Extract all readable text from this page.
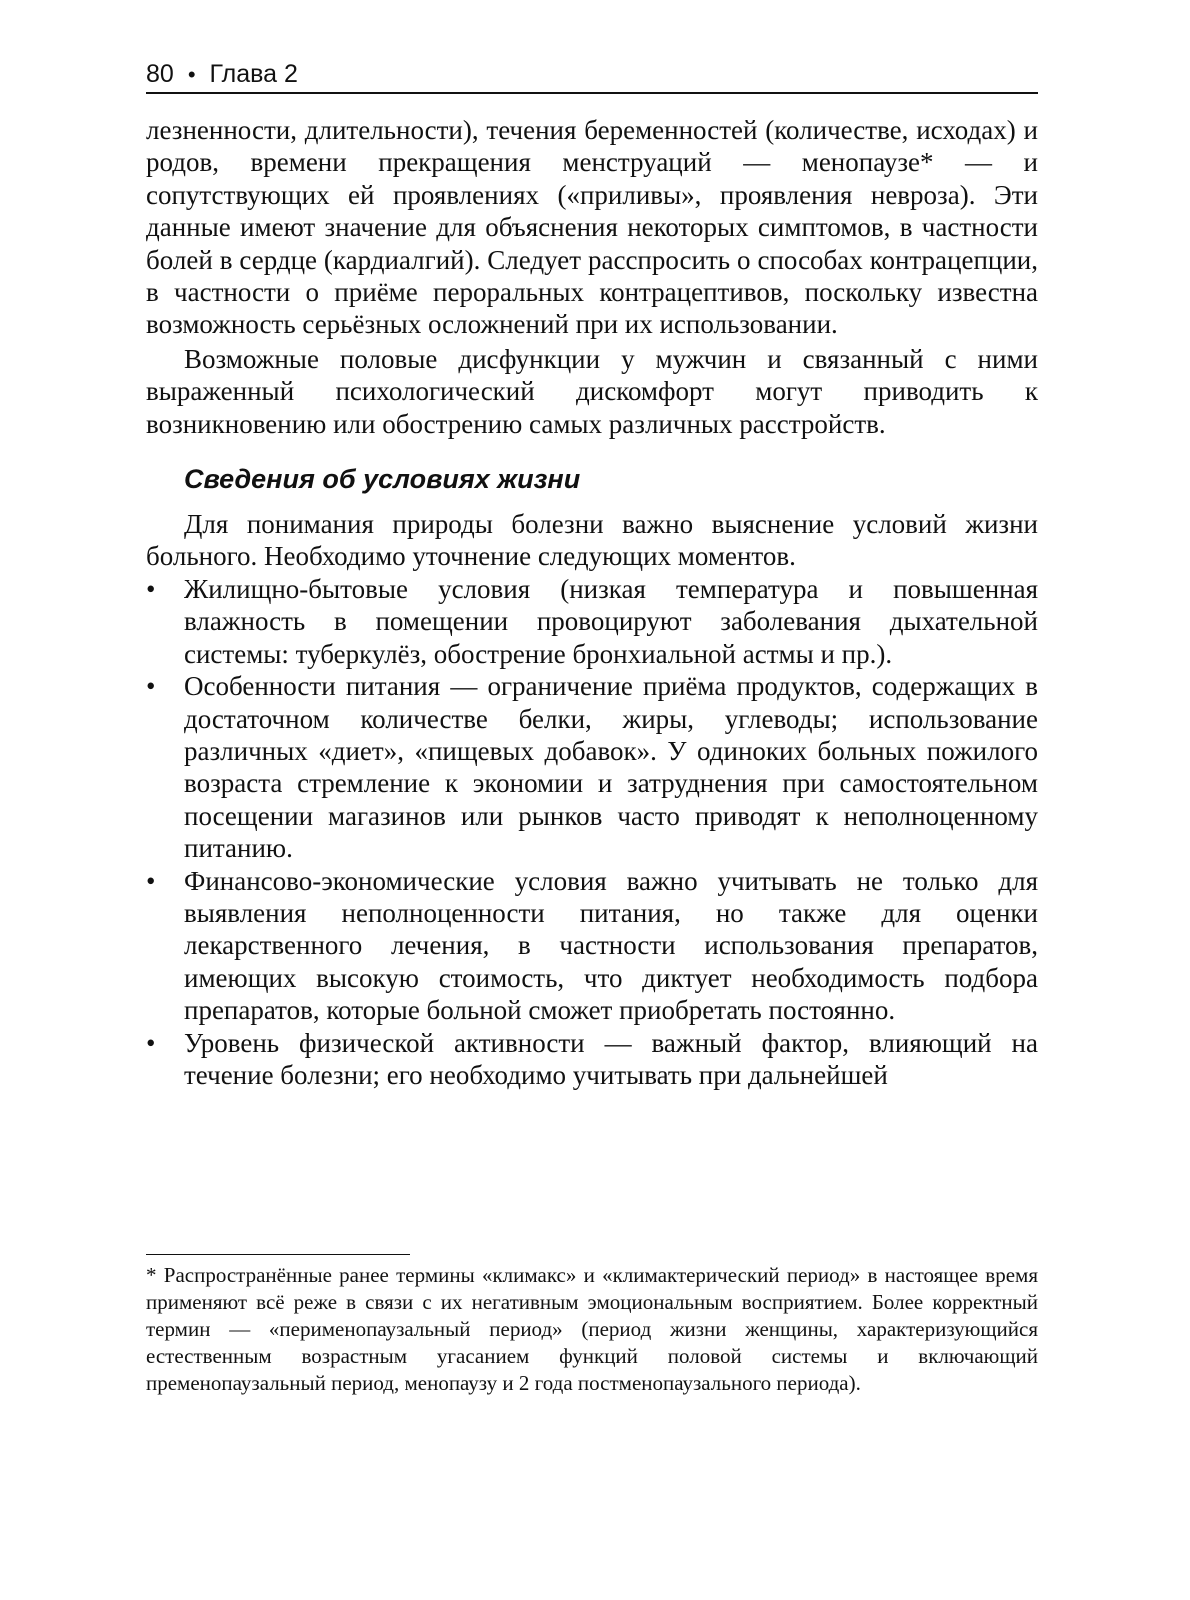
80 • Глава 2

лезненности, длительности), течения беременностей (количестве, исходах) и родов, времени прекращения менструаций — менопаузе* — и сопутствующих ей проявлениях («приливы», проявления невроза). Эти данные имеют значение для объяснения некоторых симптомов, в частности болей в сердце (кардиалгий). Следует расспросить о способах контрацепции, в частности о приёме пероральных контрацептивов, поскольку известна возможность серьёзных осложнений при их использовании.

Возможные половые дисфункции у мужчин и связанный с ними выраженный психологический дискомфорт могут приводить к возникновению или обострению самых различных расстройств.

Сведения об условиях жизни

Для понимания природы болезни важно выяснение условий жизни больного. Необходимо уточнение следующих моментов.

•	Жилищно-бытовые условия (низкая температура и повышенная влажность в помещении провоцируют заболевания дыхательной системы: туберкулёз, обострение бронхиальной астмы и пр.).
•	Особенности питания — ограничение приёма продуктов, содержащих в достаточном количестве белки, жиры, углеводы; использование различных «диет», «пищевых добавок». У одиноких больных пожилого возраста стремление к экономии и затруднения при самостоятельном посещении магазинов или рынков часто приводят к неполноценному питанию.
•	Финансово-экономические условия важно учитывать не только для выявления неполноценности питания, но также для оценки лекарственного лечения, в частности использования препаратов, имеющих высокую стоимость, что диктует необходимость подбора препаратов, которые больной сможет приобретать постоянно.
•	Уровень физической активности — важный фактор, влияющий на течение болезни; его необходимо учитывать при дальнейшей

* Распространённые ранее термины «климакс» и «климактерический период» в настоящее время применяют всё реже в связи с их негативным эмоциональным восприятием. Более корректный термин — «перименопаузальный период» (период жизни женщины, характеризующийся естественным возрастным угасанием функций половой системы и включающий пременопаузальный период, менопаузу и 2 года постменопаузального периода).
